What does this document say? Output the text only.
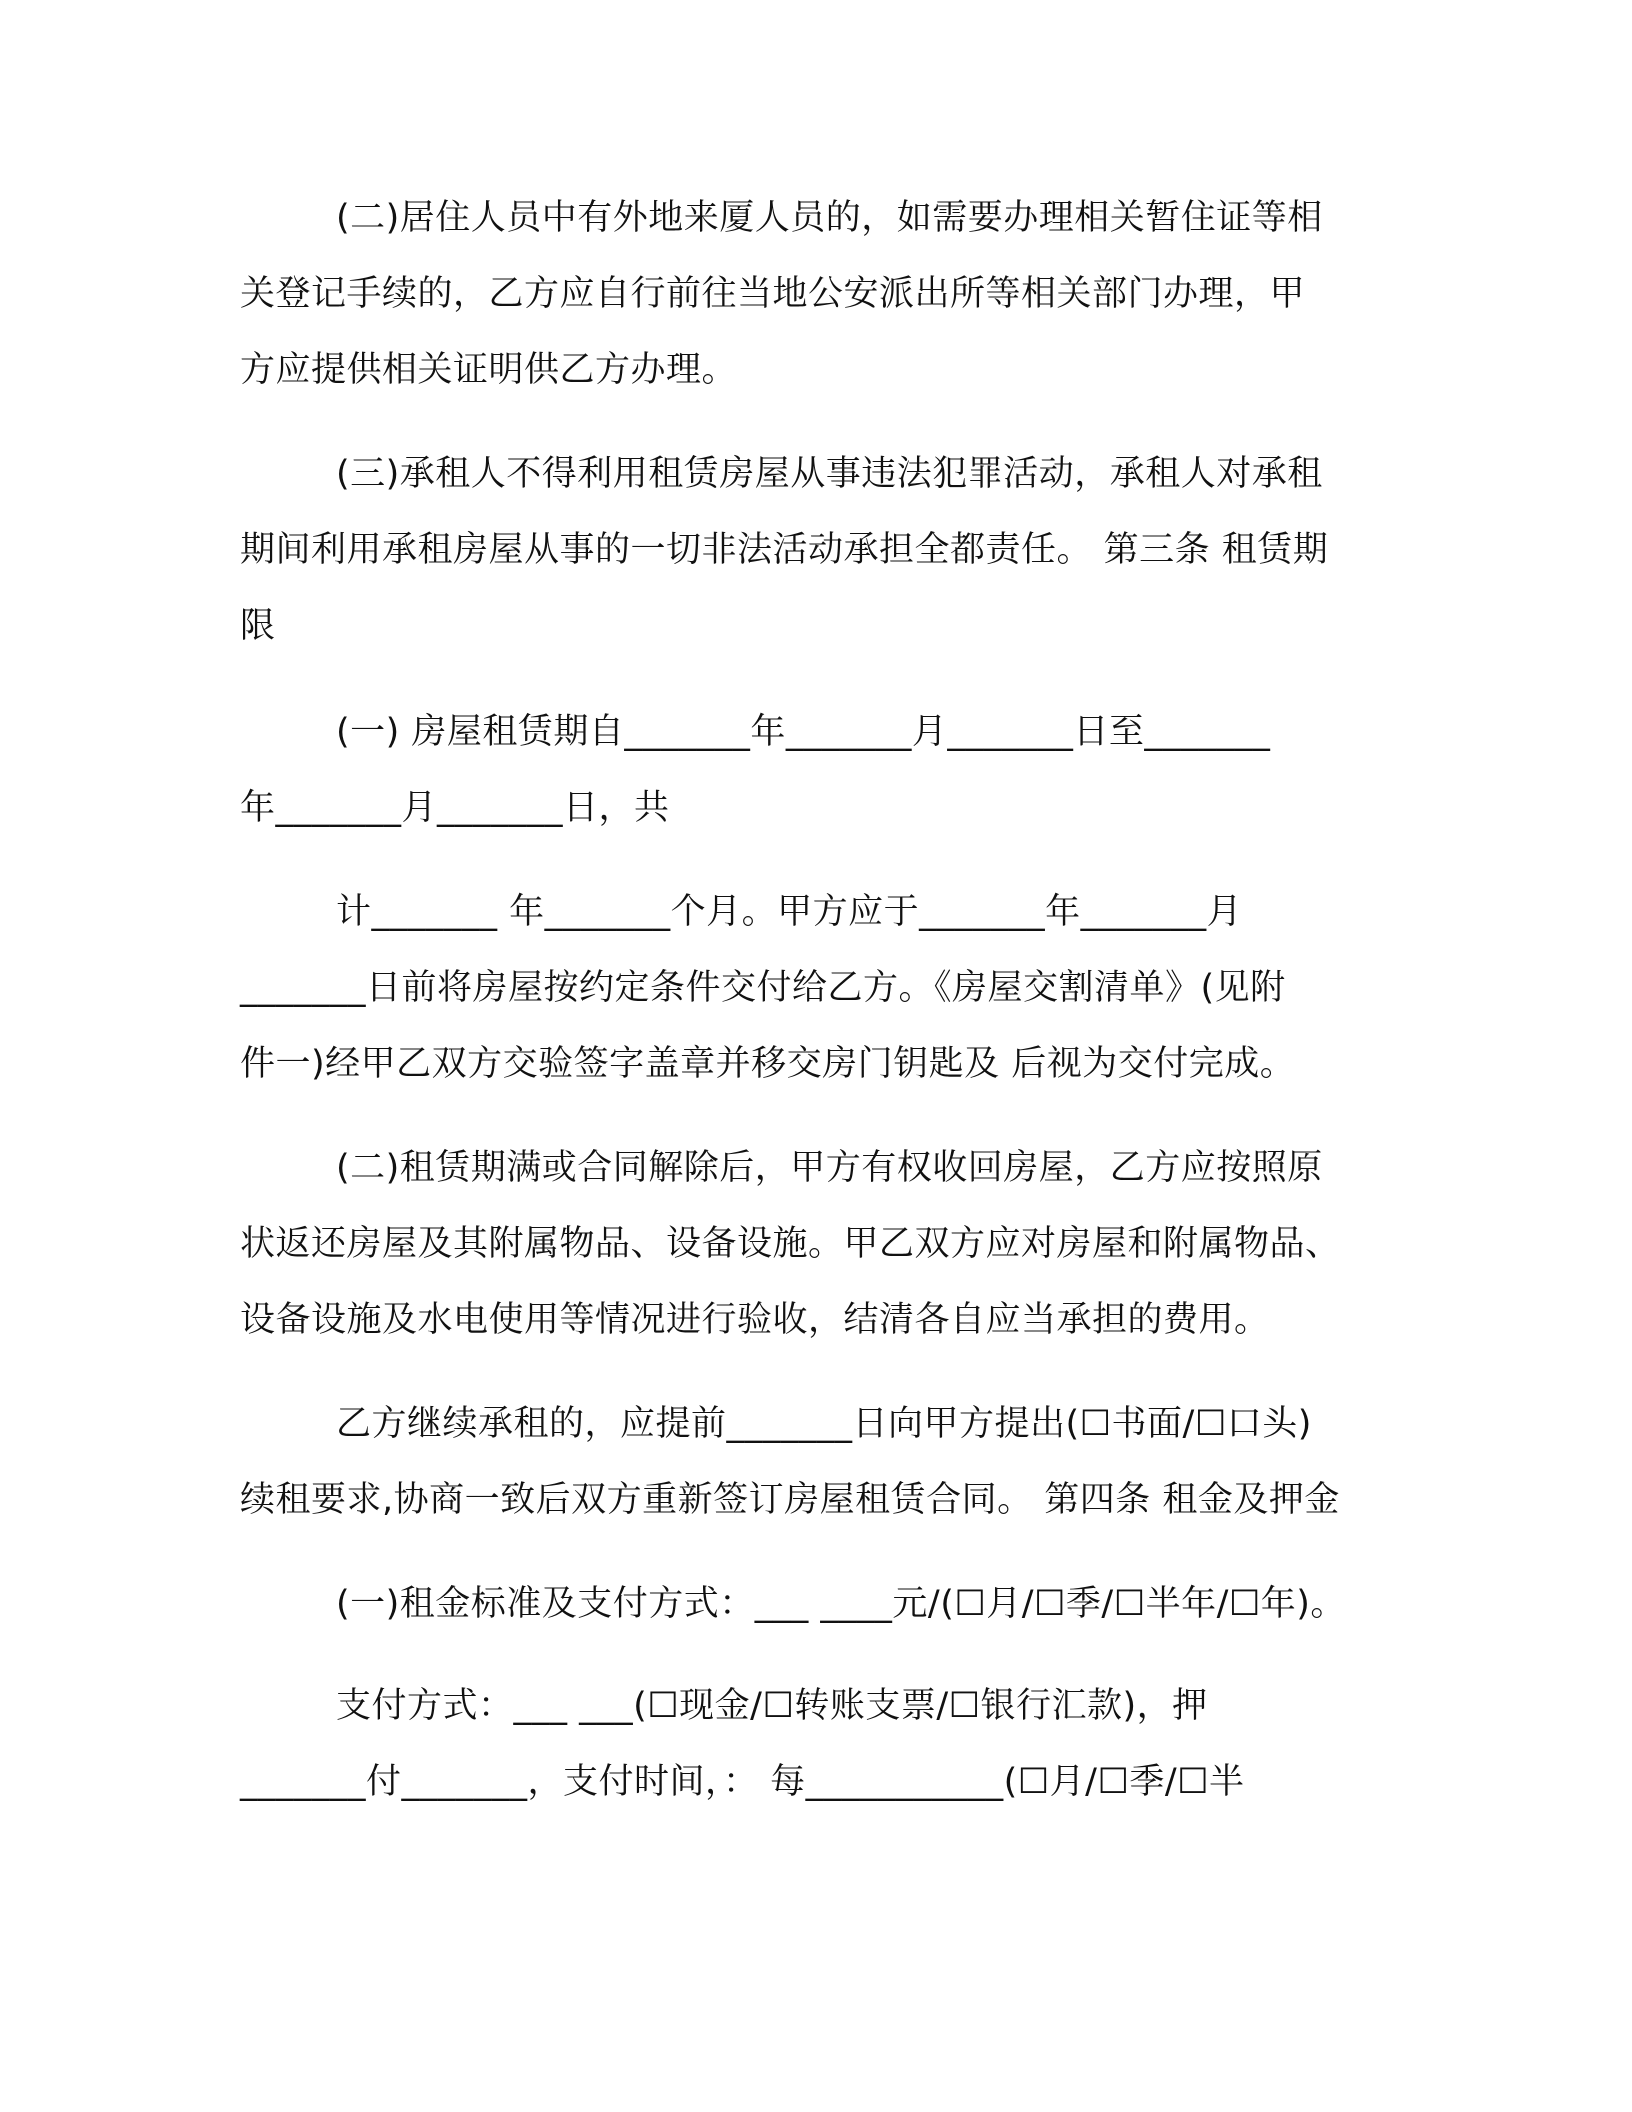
(二)居住人员中有外地来厦人员的，如需要办理相关暂住证等相

关登记手续的，乙方应自行前往当地公安派出所等相关部门办理，甲

方应提供相关证明供乙方办理。

(三)承租人不得利用租赁房屋从事违法犯罪活动，承租人对承租

期间利用承租房屋从事的一切非法活动承担全都责任。 第三条 租赁期

限

(一) 房屋租赁期自_______年_______月_______日至_______

年_______月_______日，共

计_______ 年_______个月。甲方应于_______年_______月

_______日前将房屋按约定条件交付给乙方。《房屋交割清单》(见附

件一)经甲乙双方交验签字盖章并移交房门钥匙及 后视为交付完成。

(二)租赁期满或合同解除后，甲方有权收回房屋，乙方应按照原

状返还房屋及其附属物品、设备设施。甲乙双方应对房屋和附属物品、

设备设施及水电使用等情况进行验收，结清各自应当承担的费用。

乙方继续承租的，应提前_______日向甲方提出(☐书面/☐口头)

续租要求,协商一致后双方重新签订房屋租赁合同。 第四条 租金及押金

(一)租金标准及支付方式：___ ____元/(☐月/☐季/☐半年/☐年)。

支付方式：___ ___(☐现金/☐转账支票/☐银行汇款)，押

_______付_______，支付时间，： 每___________(☐月/☐季/☐半
